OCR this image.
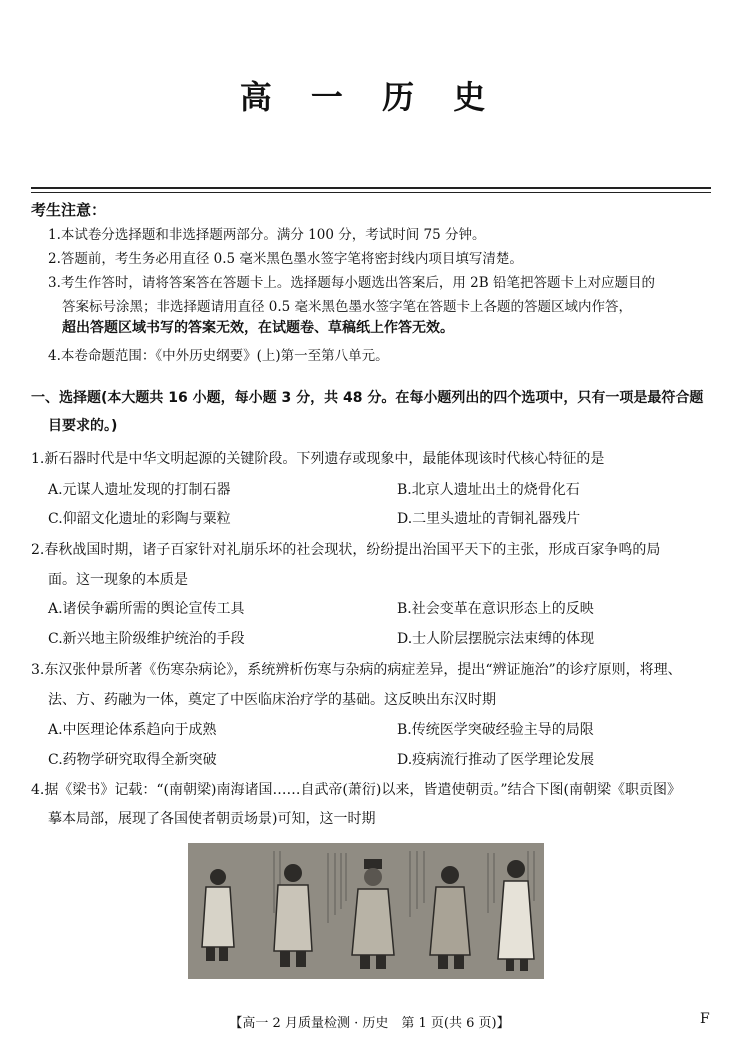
高 一 历 史
考生注意：
1.本试卷分选择题和非选择题两部分。满分 100 分，考试时间 75 分钟。
2.答题前，考生务必用直径 0.5 毫米黑色墨水签字笔将密封线内项目填写清楚。
3.考生作答时，请将答案答在答题卡上。选择题每小题选出答案后，用 2B 铅笔把答题卡上对应题目的
答案标号涂黑；非选择题请用直径 0.5 毫米黑色墨水签字笔在答题卡上各题的答题区域内作答，
超出答题区域书写的答案无效，在试题卷、草稿纸上作答无效。
4.本卷命题范围：《中外历史纲要》(上)第一至第八单元。
一、选择题(本大题共 16 小题，每小题 3 分，共 48 分。在每小题列出的四个选项中，只有一项是最符合题
目要求的。)
1.新石器时代是中华文明起源的关键阶段。下列遗存或现象中，最能体现该时代核心特征的是
A.元谋人遗址发现的打制石器	B.北京人遗址出土的烧骨化石
C.仰韶文化遗址的彩陶与粟粒	D.二里头遗址的青铜礼器残片
2.春秋战国时期，诸子百家针对礼崩乐坏的社会现状，纷纷提出治国平天下的主张，形成百家争鸣的局
面。这一现象的本质是
A.诸侯争霸所需的舆论宣传工具	B.社会变革在意识形态上的反映
C.新兴地主阶级维护统治的手段	D.士人阶层摆脱宗法束缚的体现
3.东汉张仲景所著《伤寒杂病论》，系统辨析伤寒与杂病的病症差异，提出“辨证施治”的诊疗原则，将理、
法、方、药融为一体，奠定了中医临床治疗学的基础。这反映出东汉时期
A.中医理论体系趋向于成熟	B.传统医学突破经验主导的局限
C.药物学研究取得全新突破	D.疫病流行推动了医学理论发展
4.据《梁书》记载：“(南朝梁)南海诸国……自武帝(萧衍)以来，皆遣使朝贡。”结合下图(南朝梁《职贡图》
摹本局部，展现了各国使者朝贡场景)可知，这一时期
【高一 2 月质量检测 · 历史　第 1 页(共 6 页)】	F
